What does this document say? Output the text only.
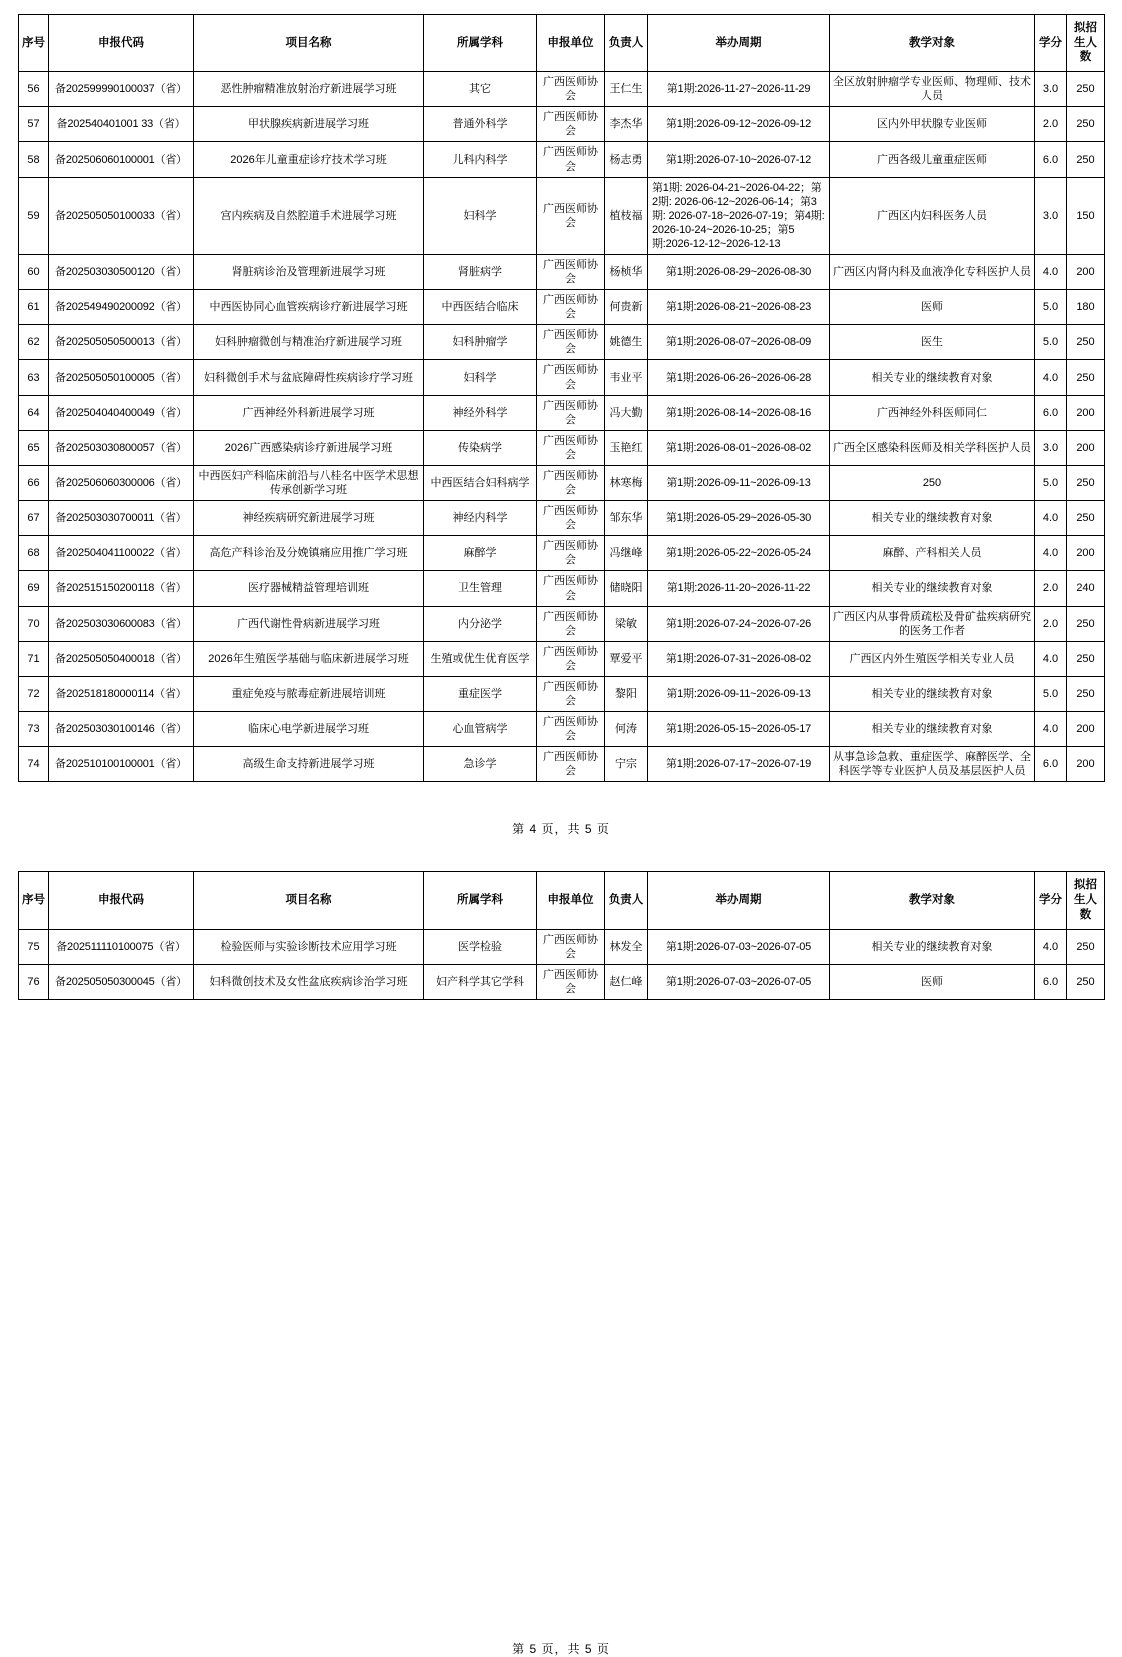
序号	申报代码	项目名称	所属学科	申报单位	负责人	举办周期	教学对象	学分	拟招生人数
56	备202599990100037（省）	恶性肿瘤精准放射治疗新进展学习班	其它	广西医师协会	王仁生	第1期:2026-11-27~2026-11-29	全区放射肿瘤学专业医师、物理师、技术人员	3.0	250
57	备202540401001 33（省）	甲状腺疾病新进展学习班	普通外科学	广西医师协会	李杰华	第1期:2026-09-12~2026-09-12	区内外甲状腺专业医师	2.0	250
58	备202506060100001（省）	2026年儿童重症诊疗技术学习班	儿科内科学	广西医师协会	杨志勇	第1期:2026-07-10~2026-07-12	广西各级儿童重症医师	6.0	250
59	备202505050100033（省）	宫内疾病及自然腔道手术进展学习班	妇科学	广西医师协会	植枝福	第1期: 2026-04-21~2026-04-22；第2期: 2026-06-12~2026-06-14；第3期: 2026-07-18~2026-07-19；第4期: 2026-10-24~2026-10-25；第5期:2026-12-12~2026-12-13	广西区内妇科医务人员	3.0	150
60	备202503030500120（省）	肾脏病诊治及管理新进展学习班	肾脏病学	广西医师协会	杨桢华	第1期:2026-08-29~2026-08-30	广西区内肾内科及血液净化专科医护人员	4.0	200
61	备202549490200092（省）	中西医协同心血管疾病诊疗新进展学习班	中西医结合临床	广西医师协会	何贵新	第1期:2026-08-21~2026-08-23	医师	5.0	180
62	备202505050500013（省）	妇科肿瘤微创与精准治疗新进展学习班	妇科肿瘤学	广西医师协会	姚德生	第1期:2026-08-07~2026-08-09	医生	5.0	250
63	备202505050100005（省）	妇科微创手术与盆底障碍性疾病诊疗学习班	妇科学	广西医师协会	韦业平	第1期:2026-06-26~2026-06-28	相关专业的继续教育对象	4.0	250
64	备202504040400049（省）	广西神经外科新进展学习班	神经外科学	广西医师协会	冯大勤	第1期:2026-08-14~2026-08-16	广西神经外科医师同仁	6.0	200
65	备202503030800057（省）	2026广西感染病诊疗新进展学习班	传染病学	广西医师协会	玉艳红	第1期:2026-08-01~2026-08-02	广西全区感染科医师及相关学科医护人员	3.0	200
66	备202506060300006（省）	中西医妇产科临床前沿与八桂名中医学术思想传承创新学习班	中西医结合妇科病学	广西医师协会	林寒梅	第1期:2026-09-11~2026-09-13	250	5.0	250
67	备202503030700011（省）	神经疾病研究新进展学习班	神经内科学	广西医师协会	邹东华	第1期:2026-05-29~2026-05-30	相关专业的继续教育对象	4.0	250
68	备202504041100022（省）	高危产科诊治及分娩镇痛应用推广学习班	麻醉学	广西医师协会	冯继峰	第1期:2026-05-22~2026-05-24	麻醉、产科相关人员	4.0	200
69	备202515150200118（省）	医疗器械精益管理培训班	卫生管理	广西医师协会	储晓阳	第1期:2026-11-20~2026-11-22	相关专业的继续教育对象	2.0	240
70	备202503030600083（省）	广西代谢性骨病新进展学习班	内分泌学	广西医师协会	梁敏	第1期:2026-07-24~2026-07-26	广西区内从事骨质疏松及骨矿盐疾病研究的医务工作者	2.0	250
71	备202505050400018（省）	2026年生殖医学基础与临床新进展学习班	生殖或优生优育医学	广西医师协会	覃爱平	第1期:2026-07-31~2026-08-02	广西区内外生殖医学相关专业人员	4.0	250
72	备202518180000114（省）	重症免疫与脓毒症新进展培训班	重症医学	广西医师协会	黎阳	第1期:2026-09-11~2026-09-13	相关专业的继续教育对象	5.0	250
73	备202503030100146（省）	临床心电学新进展学习班	心血管病学	广西医师协会	何涛	第1期:2026-05-15~2026-05-17	相关专业的继续教育对象	4.0	200
74	备202510100100001（省）	高级生命支持新进展学习班	急诊学	广西医师协会	宁宗	第1期:2026-07-17~2026-07-19	从事急诊急救、重症医学、麻醉医学、全科医学等专业医护人员及基层医护人员	6.0	200
第 4 页，共 5 页
序号	申报代码	项目名称	所属学科	申报单位	负责人	举办周期	教学对象	学分	拟招生人数
75	备202511110100075（省）	检验医师与实验诊断技术应用学习班	医学检验	广西医师协会	林发全	第1期:2026-07-03~2026-07-05	相关专业的继续教育对象	4.0	250
76	备202505050300045（省）	妇科微创技术及女性盆底疾病诊治学习班	妇产科学其它学科	广西医师协会	赵仁峰	第1期:2026-07-03~2026-07-05	医师	6.0	250
第 5 页，共 5 页
